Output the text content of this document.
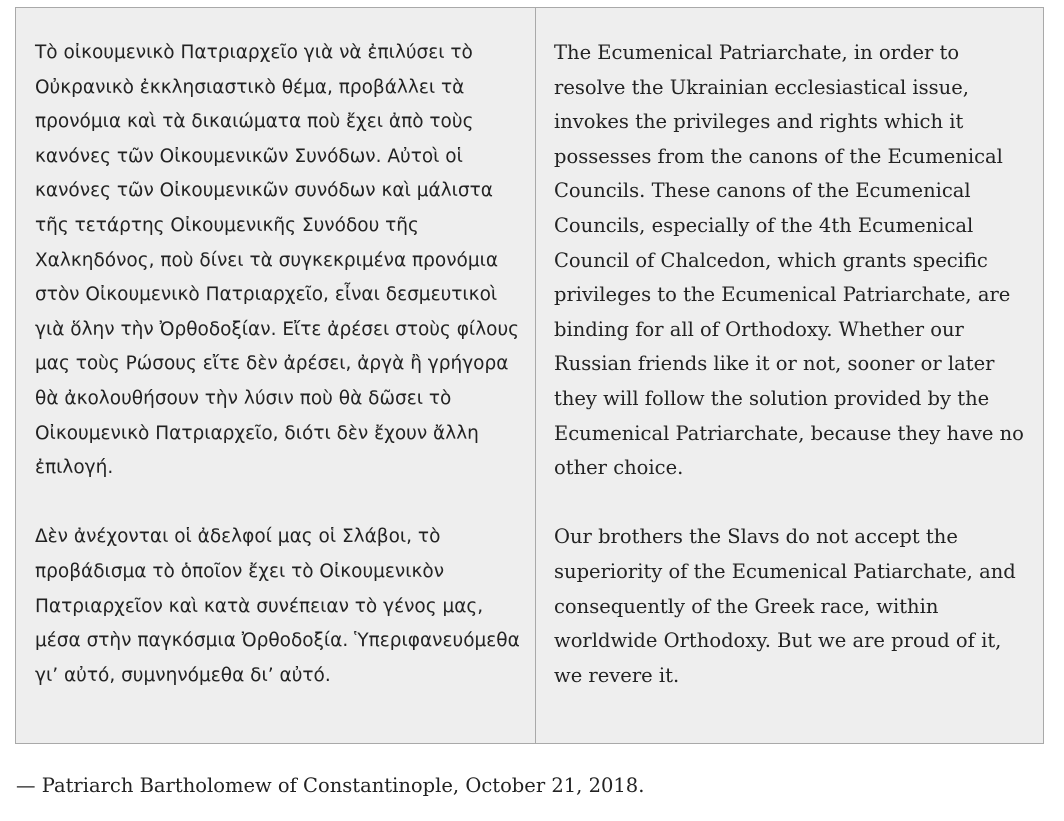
Τὸ οἰκουμενικὸ Πατριαρχεῖο γιὰ νὰ ἐπιλύσει τὸ Οὐκρανικὸ ἐκκλησιαστικὸ θέμα, προβάλλει τὰ προνόμια καὶ τὰ δικαιώματα ποὺ ἔχει ἀπὸ τοὺς κανόνες τῶν Οἰκουμενικῶν Συνόδων. Αὐτοὶ οἱ κανόνες τῶν Οἰκουμενικῶν συνόδων καὶ μάλιστα τῆς τετάρτης Οἰκουμενικῆς Συνόδου τῆς Χαλκηδόνος, ποὺ δίνει τὰ συγκεκριμένα προνόμια στὸν Οἰκουμενικὸ Πατριαρχεῖο, εἶναι δεσμευτικοὶ γιὰ ὅλην τὴν Ὀρθοδοξίαν. Εἴτε ἀρέσει στοὺς φίλους μας τοὺς Ρώσους εἴτε δὲν ἀρέσει, ἀργὰ ἢ γρήγορα θὰ ἀκολουθήσουν τὴν λύσιν ποὺ θὰ δῶσει τὸ Οἰκουμενικὸ Πατριαρχεῖο, διότι δὲν ἔχουν ἄλλη ἐπιλογή.

Δὲν ἀνέχονται οἱ ἀδελφοί μας οἱ Σλάβοι, τὸ προβάδισμα τὸ ὁποῖον ἔχει τὸ Οἰκουμενικὸν Πατριαρχεῖον καὶ κατὰ συνέπειαν τὸ γένος μας, μέσα στὴν παγκόσμια Ὀρθοδοξία. Ὑπεριφανευόμεθα γι’ αὐτό, συμνηνόμεθα δι’ αὐτό.

The Ecumenical Patriarchate, in order to resolve the Ukrainian ecclesiastical issue, invokes the privileges and rights which it possesses from the canons of the Ecumenical Councils. These canons of the Ecumenical Councils, especially of the 4th Ecumenical Council of Chalcedon, which grants specific privileges to the Ecumenical Patriarchate, are binding for all of Orthodoxy. Whether our Russian friends like it or not, sooner or later they will follow the solution provided by the Ecumenical Patriarchate, because they have no other choice.

Our brothers the Slavs do not accept the superiority of the Ecumenical Patiarchate, and consequently of the Greek race, within worldwide Orthodoxy. But we are proud of it, we revere it.

— Patriarch Bartholomew of Constantinople, October 21, 2018.
